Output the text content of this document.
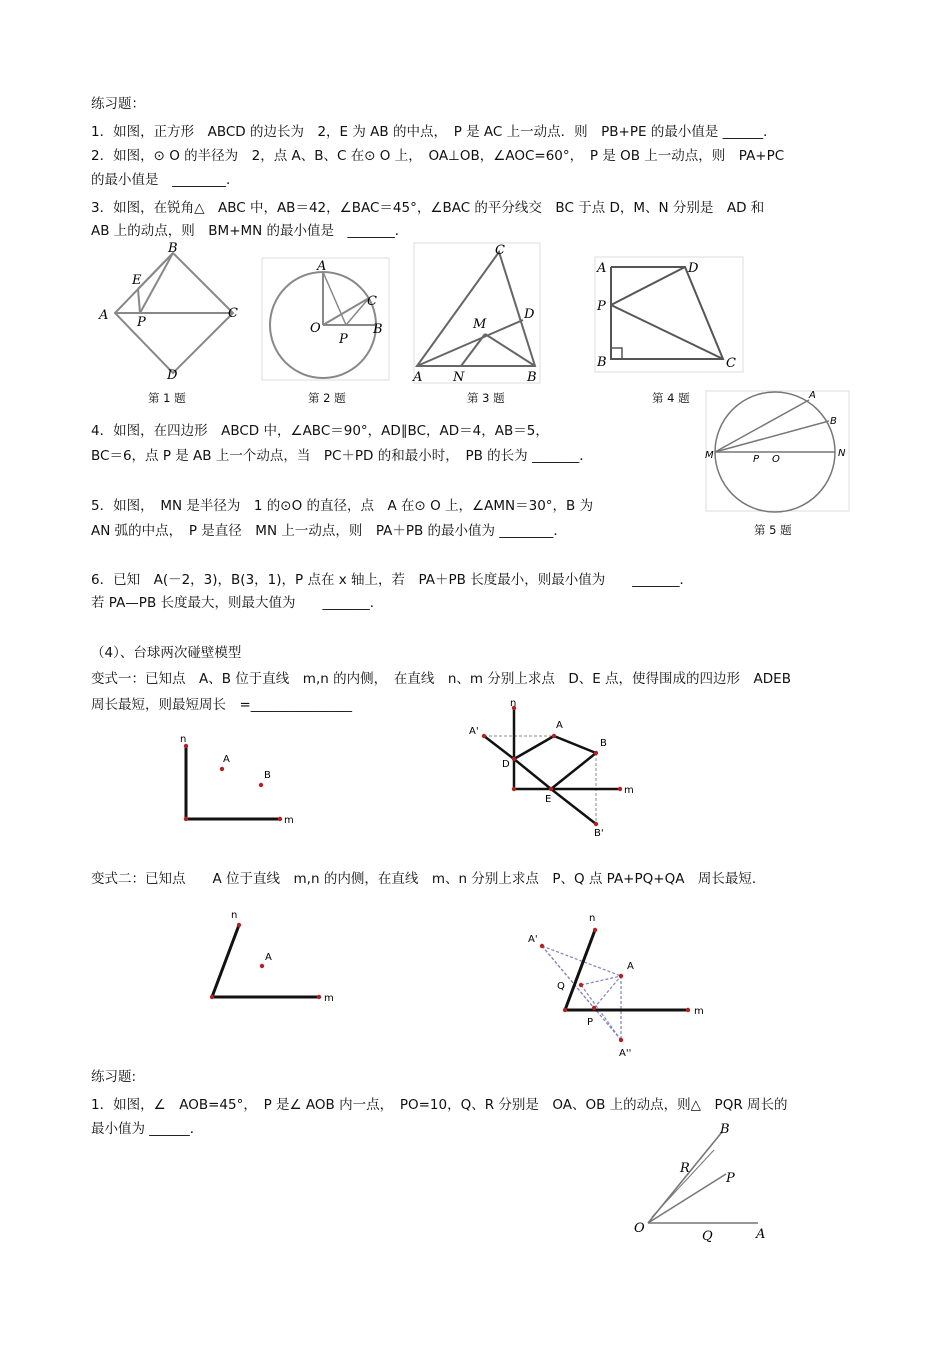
练习题：
1．如图，正方形　ABCD 的边长为　2，E 为 AB 的中点，　P 是 AC 上一动点．则　PB+PE 的最小值是 ______．
2．如图，⊙ O 的半径为　2，点 A、B、C 在⊙ O 上，　OA⊥OB，∠AOC=60°，　P 是 OB 上一动点，则　PA+PC
的最小值是　________．
3．如图，在锐角△　ABC 中，AB＝42，∠BAC＝45°，∠BAC 的平分线交　BC 于点 D，M、N 分别是　AD 和
AB 上的动点，则　BM+MN 的最小值是　_______．
A
B
C
D
E
P
第 1 题
A
O
P
C
B
第 2 题
C
A N	B
M
D
第 3 题
A	D
P
B	C
第 4 题	A
B
M	P O
N
第 5 题
4．如图，在四边形　ABCD 中，∠ABC＝90°，AD∥BC，AD＝4，AB＝5，
BC＝6，点 P 是 AB 上一个动点，当　PC＋PD 的和最小时，　PB 的长为 _______．
5．如图，　MN 是半径为　1 的⊙O 的直径，点　A 在⊙ O 上，∠AMN＝30°，B 为
AN 弧的中点，　P 是直径　MN 上一动点，则　PA＋PB 的最小值为 ________．
6．已知　A(－2，3)，B(3，1)，P 点在 x 轴上，若　PA＋PB 长度最小，则最小值为　　_______．
若 PA—PB 长度最大，则最大值为　　_______．
（4）、台球两次碰壁模型
变式一：已知点　A、B 位于直线　m,n 的内侧，　在直线　n、m 分别上求点　D、E 点，使得围成的四边形　ADEB
周长最短，则最短周长　=_______________
n
A
B
m
n
A'
A
B
D
m
E
B'
变式二：已知点　　A 位于直线　m,n 的内侧，在直线　m、n 分别上求点　P、Q 点 PA+PQ+QA　周长最短．
n
A
m
n
A'
A
Q
P
m
A''
练习题:
1．如图，∠　AOB=45°，　P 是∠ AOB 内一点，　PO=10，Q、R 分别是　OA、OB 上的动点，则△　PQR 周长的
最小值为 ______．	B
R
P
O
Q	A
